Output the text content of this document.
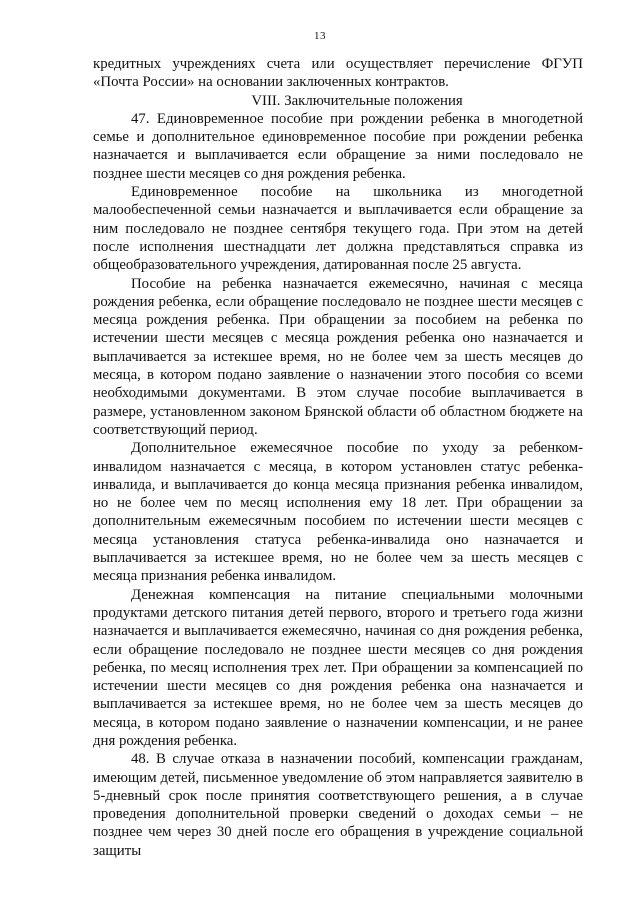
13

кредитных учреждениях счета или осуществляет перечисление ФГУП «Почта России» на основании заключенных контрактов.

VIII. Заключительные положения

47. Единовременное пособие при рождении ребенка в многодетной семье и дополнительное единовременное пособие при рождении ребенка назначается и выплачивается если обращение за ними последовало не позднее шести месяцев со дня рождения ребенка.

Единовременное пособие на школьника из многодетной малообеспеченной семьи назначается и выплачивается если обращение за ним последовало не позднее сентября текущего года. При этом на детей после исполнения шестнадцати лет должна представляться справка из общеобразовательного учреждения, датированная после 25 августа.

Пособие на ребенка назначается ежемесячно, начиная с месяца рождения ребенка, если обращение последовало не позднее шести месяцев с месяца рождения ребенка. При обращении за пособием на ребенка по истечении шести месяцев с месяца рождения ребенка оно назначается и выплачивается за истекшее время, но не более чем за шесть месяцев до месяца, в котором подано заявление о назначении этого пособия со всеми необходимыми документами. В этом случае пособие выплачивается в размере, установленном законом Брянской области об областном бюджете на соответствующий период.

Дополнительное ежемесячное пособие по уходу за ребенком-инвалидом назначается с месяца, в котором установлен статус ребенка-инвалида, и выплачивается до конца месяца признания ребенка инвалидом, но не более чем по месяц исполнения ему 18 лет. При обращении за дополнительным ежемесячным пособием по истечении шести месяцев с месяца установления статуса ребенка-инвалида оно назначается и выплачивается за истекшее время, но не более чем за шесть месяцев с месяца признания ребенка инвалидом.

Денежная компенсация на питание специальными молочными продуктами детского питания детей первого, второго и третьего года жизни назначается и выплачивается ежемесячно, начиная со дня рождения ребенка, если обращение последовало не позднее шести месяцев со дня рождения ребенка, по месяц исполнения трех лет. При обращении за компенсацией по истечении шести месяцев со дня рождения ребенка она назначается и выплачивается за истекшее время, но не более чем за шесть месяцев до месяца, в котором подано заявление о назначении компенсации, и не ранее дня рождения ребенка.

48. В случае отказа в назначении пособий, компенсации гражданам, имеющим детей, письменное уведомление об этом направляется заявителю в 5-дневный срок после принятия соответствующего решения, а в случае проведения дополнительной проверки сведений о доходах семьи – не позднее чем через 30 дней после его обращения в учреждение социальной защиты
